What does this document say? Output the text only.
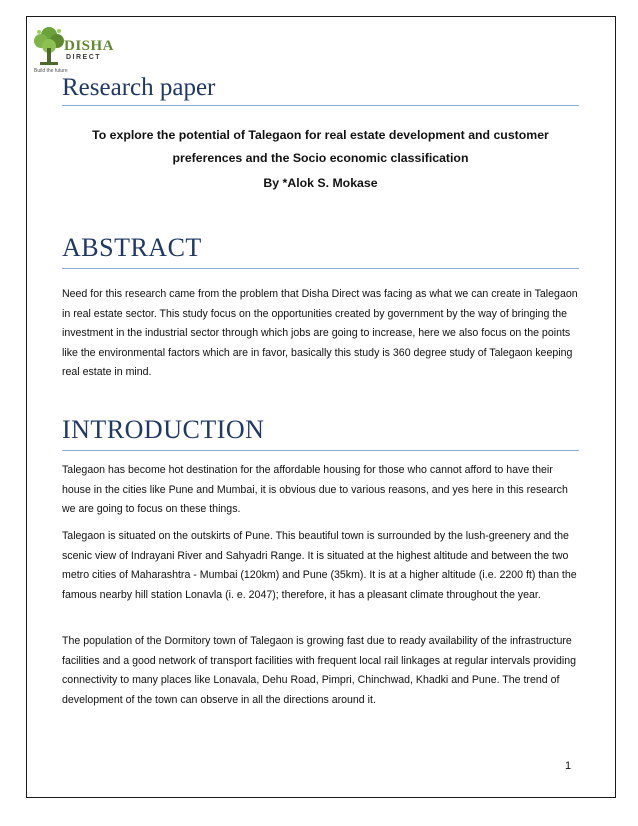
DISHA
DIRECT
Build the future
Research paper
To explore the potential of Talegaon for real estate development and customer
preferences and the Socio economic classification
By *Alok S. Mokase
ABSTRACT

Need for this research came from the problem that Disha Direct was facing as what we can create in Talegaon in real estate sector. This study focus on the opportunities created by government by the way of bringing the investment in the industrial sector through which jobs are going to increase, here we also focus on the points like the environmental factors which are in favor, basically this study is 360 degree study of Talegaon keeping real estate in mind.

INTRODUCTION

Talegaon has become hot destination for the affordable housing for those who cannot afford to have their house in the cities like Pune and Mumbai, it is obvious due to various reasons, and yes here in this research we are going to focus on these things.

Talegaon is situated on the outskirts of Pune. This beautiful town is surrounded by the lush-greenery and the scenic view of Indrayani River and Sahyadri Range. It is situated at the highest altitude and between the two metro cities of Maharashtra - Mumbai (120km) and Pune (35km). It is at a higher altitude (i.e. 2200 ft) than the famous nearby hill station Lonavla (i. e. 2047); therefore, it has a pleasant climate throughout the year.

The population of the Dormitory town of Talegaon is growing fast due to ready availability of the infrastructure facilities and a good network of transport facilities with frequent local rail linkages at regular intervals providing connectivity to many places like Lonavala, Dehu Road, Pimpri, Chinchwad, Khadki and Pune. The trend of development of the town can observe in all the directions around it.

1
